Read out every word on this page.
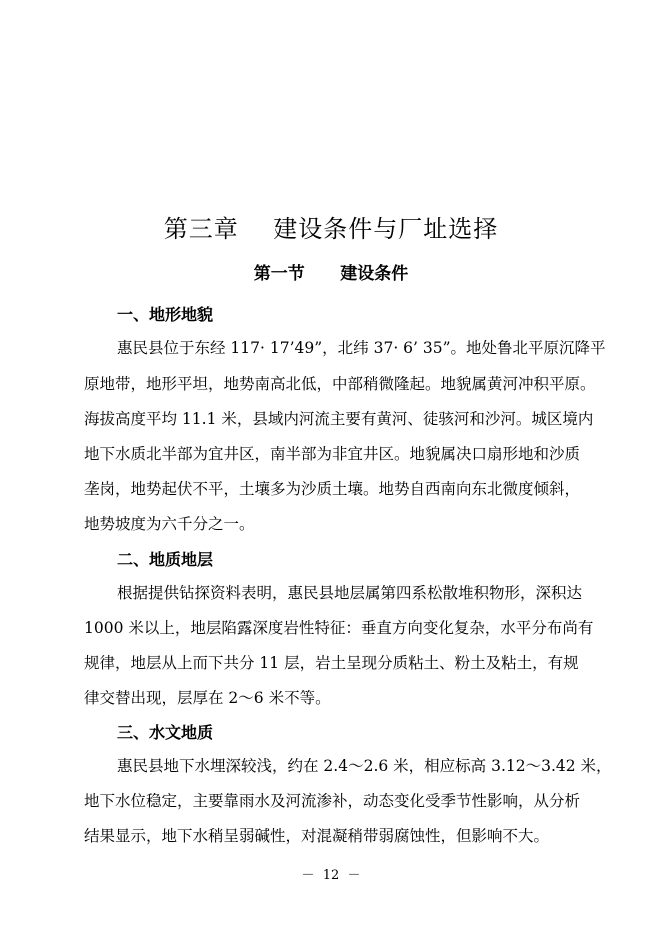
第三章    建设条件与厂址选择
第一节      建设条件
一、地形地貌
惠民县位于东经 117· 17’49”，北纬 37· 6’ 35”。地处鲁北平原沉降平
原地带，地形平坦，地势南高北低，中部稍微隆起。地貌属黄河冲积平原。
海拔高度平均 11.1 米，县域内河流主要有黄河、徒骇河和沙河。城区境内
地下水质北半部为宜井区，南半部为非宜井区。地貌属决口扇形地和沙质
垄岗，地势起伏不平，土壤多为沙质土壤。地势自西南向东北微度倾斜，
地势坡度为六千分之一。
二、地质地层
根据提供钻探资料表明，惠民县地层属第四系松散堆积物形，深积达
1000 米以上，地层陷露深度岩性特征：垂直方向变化复杂，水平分布尚有
规律，地层从上而下共分 11 层，岩土呈现分质粘土、粉土及粘土，有规
律交替出现，层厚在 2～6 米不等。
三、水文地质
惠民县地下水埋深较浅，约在 2.4～2.6 米，相应标高 3.12～3.42 米，
地下水位稳定，主要靠雨水及河流渗补，动态变化受季节性影响，从分析
结果显示，地下水稍呈弱碱性，对混凝稍带弱腐蚀性，但影响不大。
－  12  －
